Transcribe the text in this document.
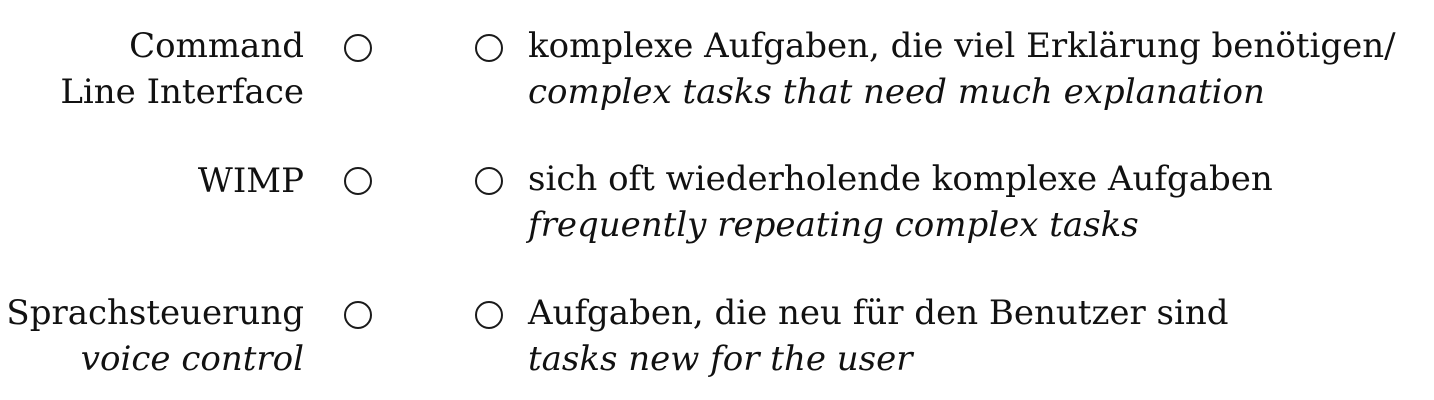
Command
Line Interface
WIMP
Sprachsteuerung
voice control
komplexe Aufgaben, die viel Erklärung benötigen/
complex tasks that need much explanation
sich oft wiederholende komplexe Aufgaben
frequently repeating complex tasks
Aufgaben, die neu für den Benutzer sind
tasks new for the user
